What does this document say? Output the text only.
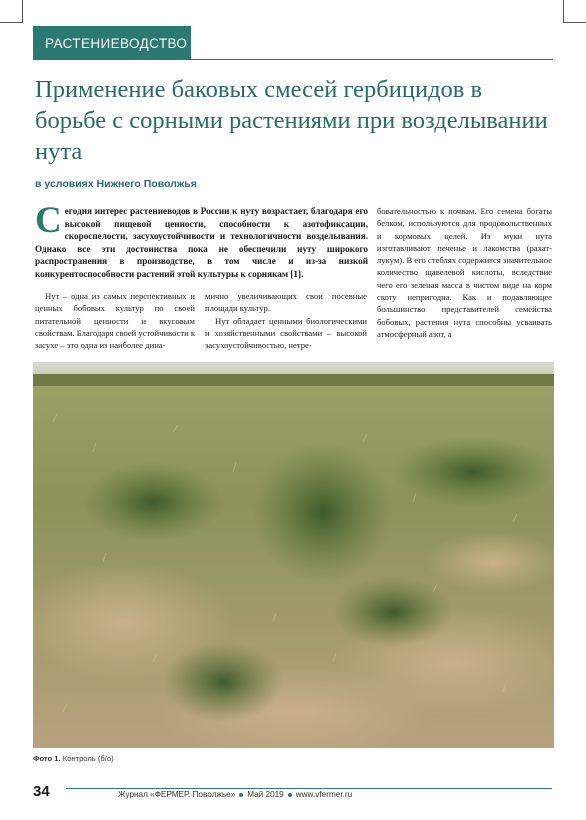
РАСТЕНИЕВОДСТВО
Применение баковых смесей гербицидов в борьбе с сорными растениями при возделывании нута
в условиях Нижнего Поволжья

Сегодня интерес растениеводов в России к нуту возрастает, благодаря его высокой пищевой ценности, способности к азотофиксации, скороспелости, засухоустойчивости и технологичности возделывания. Однако все эти достоинства пока не обеспечили нуту широкого распространения в производстве, в том числе и из-за низкой конкурентоспособности растений этой культуры к сорнякам [1].

Нут – одна из самых перспективных и ценных бобовых культур по своей питательной ценности и вкусовым свойствам. Благодаря своей устойчивости к засухе – это одна из наиболее дина-

мично увеличивающих свои посевные площади культур.

Нут обладает ценными биологическими и хозяйственными свойствами – высокой засухоустойчивостью, нетре-

бовательностью к почвам. Его семена богаты белком, используются для продовольственных и кормовых целей. Из муки нута изготавливают печенье и лакомства (рахат-лукум). В его стеблях содержится значительное количество щавелевой кислоты, вследствие чего его зеленая масса в чистом виде на корм скоту непригодна. Как и подавляющее большинство представителей семейства бобовых, растения нута способны усваивать атмосферный азот, а

Фото 1. Контроль (б/о)
34	Журнал «ФЕРМЕР. Поволжье» Май 2019 www.vfermer.ru
